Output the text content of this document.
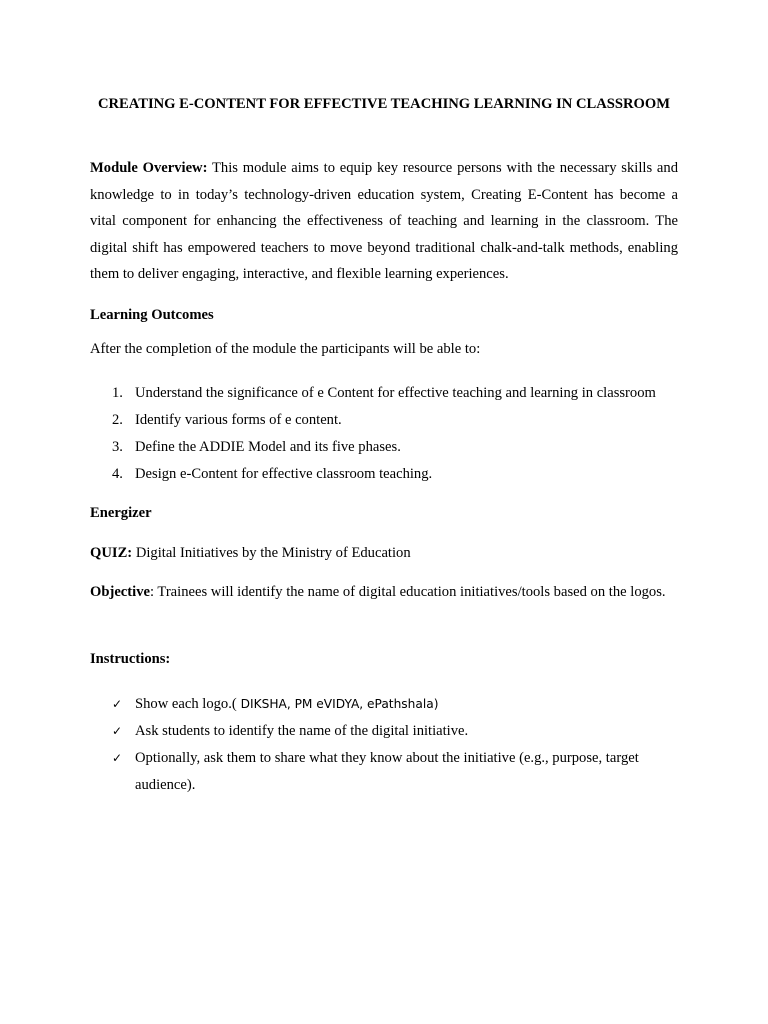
CREATING E-CONTENT FOR EFFECTIVE TEACHING LEARNING IN CLASSROOM
Module Overview: This module aims to equip key resource persons with the necessary skills and knowledge to in today’s technology-driven education system, Creating E-Content has become a vital component for enhancing the effectiveness of teaching and learning in the classroom. The digital shift has empowered teachers to move beyond traditional chalk-and-talk methods, enabling them to deliver engaging, interactive, and flexible learning experiences.
Learning Outcomes
After the completion of the module the participants will be able to:
1. Understand the significance of e Content for effective teaching and learning in classroom
2. Identify various forms of e content.
3. Define the ADDIE Model and its five phases.
4. Design e-Content for effective classroom teaching.
Energizer
QUIZ: Digital Initiatives by the Ministry of Education
Objective: Trainees will identify the name of digital education initiatives/tools based on the logos.
Instructions:
✓ Show each logo.( DIKSHA, PM eVIDYA, ePathshala)
✓ Ask students to identify the name of the digital initiative.
✓ Optionally, ask them to share what they know about the initiative (e.g., purpose, target audience).
